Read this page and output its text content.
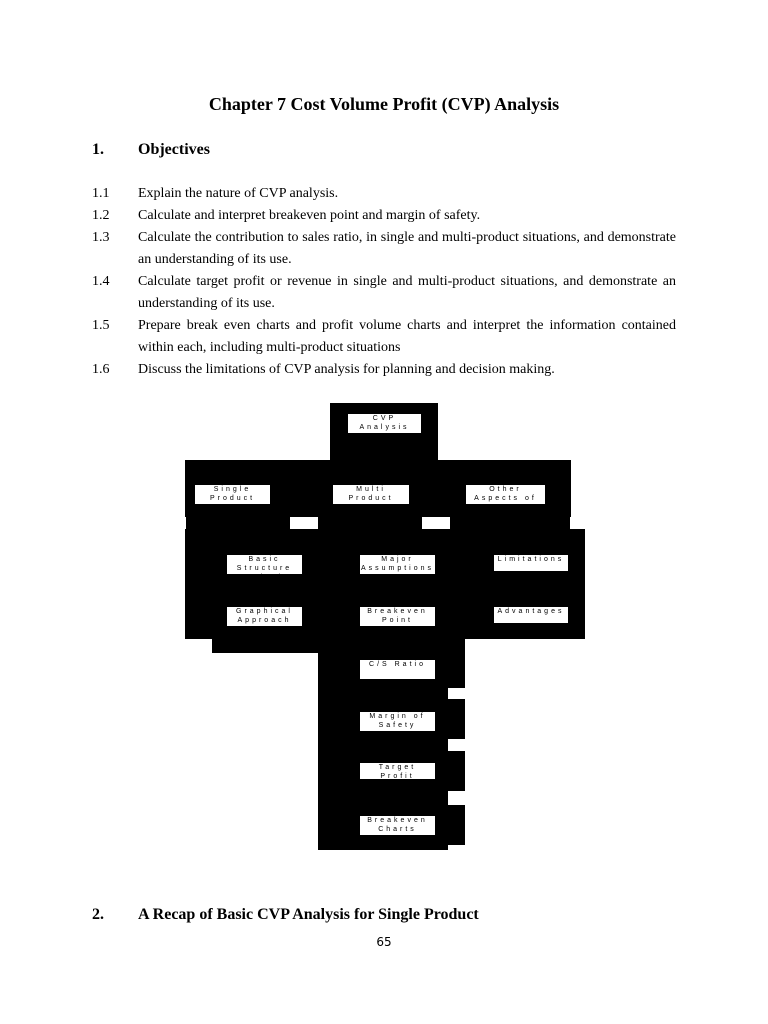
Chapter 7 Cost Volume Profit (CVP) Analysis
1. Objectives
1.1	Explain the nature of CVP analysis.
1.2	Calculate and interpret breakeven point and margin of safety.
1.3	Calculate the contribution to sales ratio, in single and multi-product situations, and demonstrate an understanding of its use.
1.4	Calculate target profit or revenue in single and multi-product situations, and demonstrate an understanding of its use.
1.5	Prepare break even charts and profit volume charts and interpret the information contained within each, including multi-product situations
1.6	Discuss the limitations of CVP analysis for planning and decision making.
CVP Analysis
Single Product
Multi Product
Other Aspects of CVP
Basic Structure Analysis
Major Assumptions
Limitations
Graphical Approach
Breakeven Point
Advantages
C/S Ratio
Margin of Safety
Target Profit
Breakeven Charts
2. A Recap of Basic CVP Analysis for Single Product
65
